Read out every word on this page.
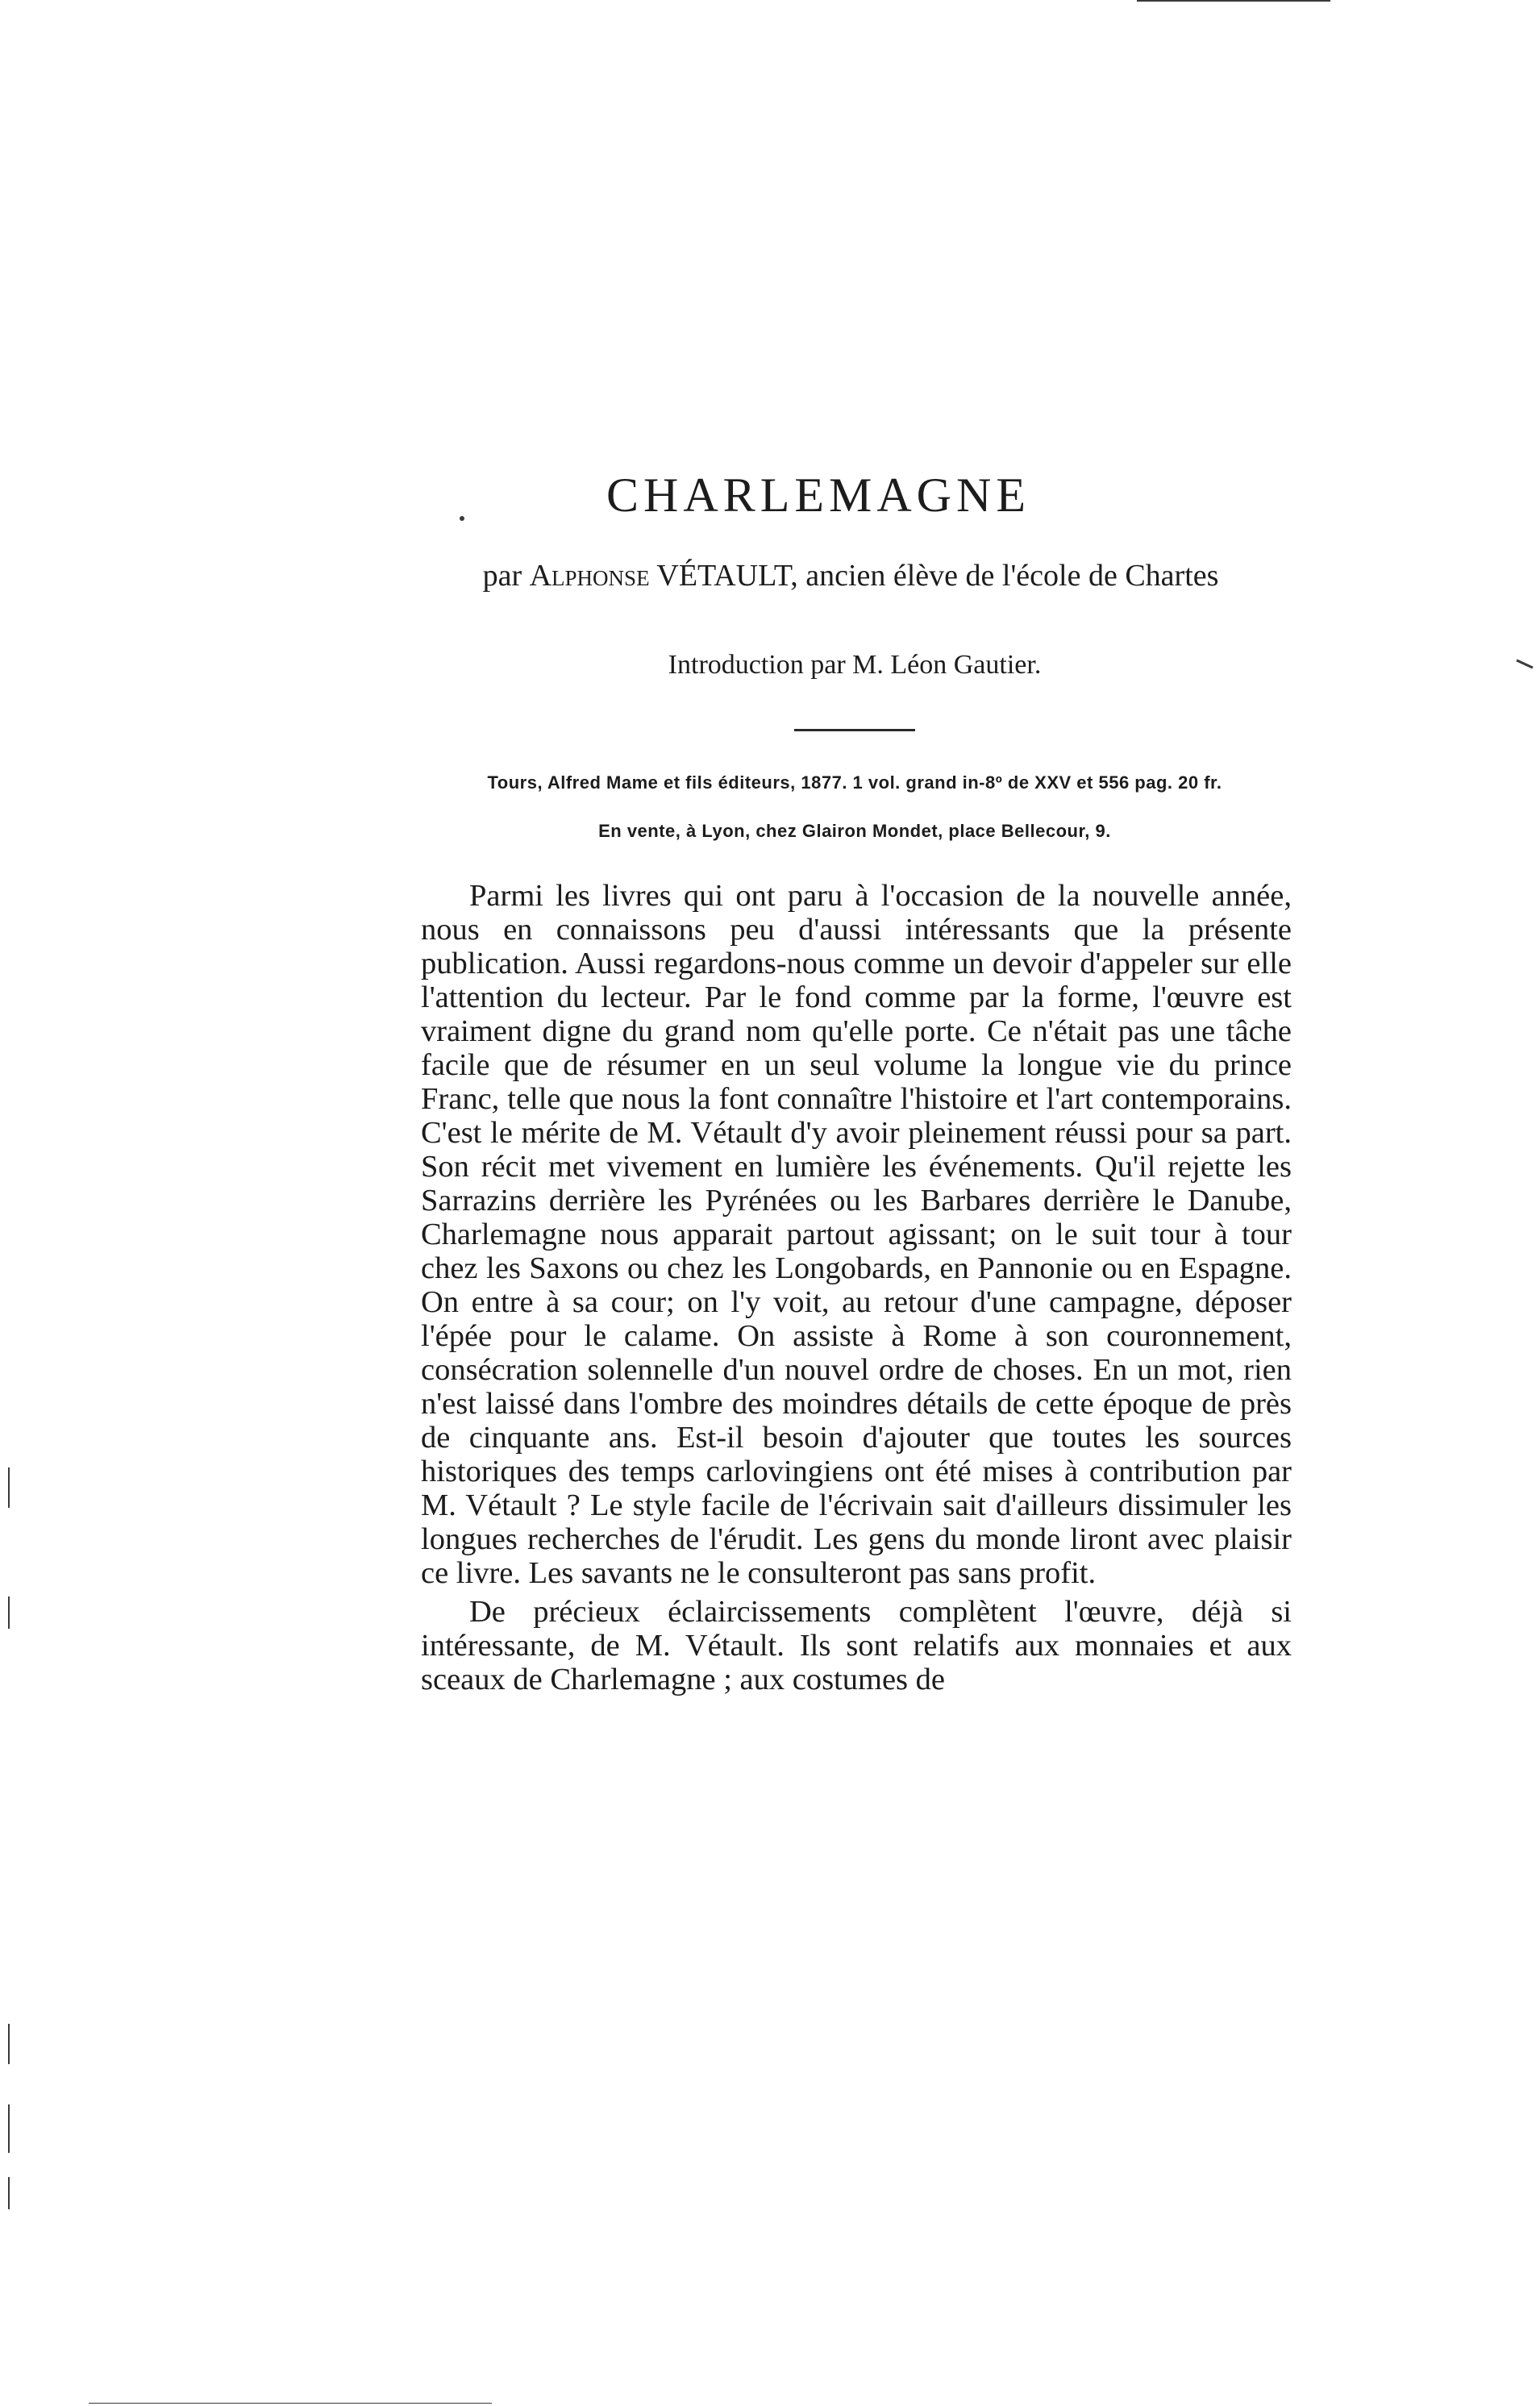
CHARLEMAGNE
par Alphonse VÉTAULT, ancien élève de l'école de Chartes
Introduction par M. Léon Gautier.
Tours, Alfred Mame et fils éditeurs, 1877. 1 vol. grand in-8º de XXV et 556 pag. 20 fr.
En vente, à Lyon, chez Glairon Mondet, place Bellecour, 9.

Parmi les livres qui ont paru à l'occasion de la nouvelle année, nous en connaissons peu d'aussi intéressants que la présente publication. Aussi regardons-nous comme un devoir d'appeler sur elle l'attention du lecteur. Par le fond comme par la forme, l'œuvre est vraiment digne du grand nom qu'elle porte. Ce n'était pas une tâche facile que de résumer en un seul volume la longue vie du prince Franc, telle que nous la font connaître l'histoire et l'art contemporains. C'est le mérite de M. Vétault d'y avoir pleinement réussi pour sa part. Son récit met vivement en lumière les événements. Qu'il rejette les Sarrazins derrière les Pyrénées ou les Barbares derrière le Danube, Charlemagne nous apparait partout agissant; on le suit tour à tour chez les Saxons ou chez les Longobards, en Pannonie ou en Espagne. On entre à sa cour; on l'y voit, au retour d'une campagne, déposer l'épée pour le calame. On assiste à Rome à son couronnement, consécration solennelle d'un nouvel ordre de choses. En un mot, rien n'est laissé dans l'ombre des moindres détails de cette époque de près de cinquante ans. Est-il besoin d'ajouter que toutes les sources historiques des temps carlovingiens ont été mises à contribution par M. Vétault ? Le style facile de l'écrivain sait d'ailleurs dissimuler les longues recherches de l'érudit. Les gens du monde liront avec plaisir ce livre. Les savants ne le consulteront pas sans profit.

De précieux éclaircissements complètent l'œuvre, déjà si intéressante, de M. Vétault. Ils sont relatifs aux monnaies et aux sceaux de Charlemagne ; aux costumes de
